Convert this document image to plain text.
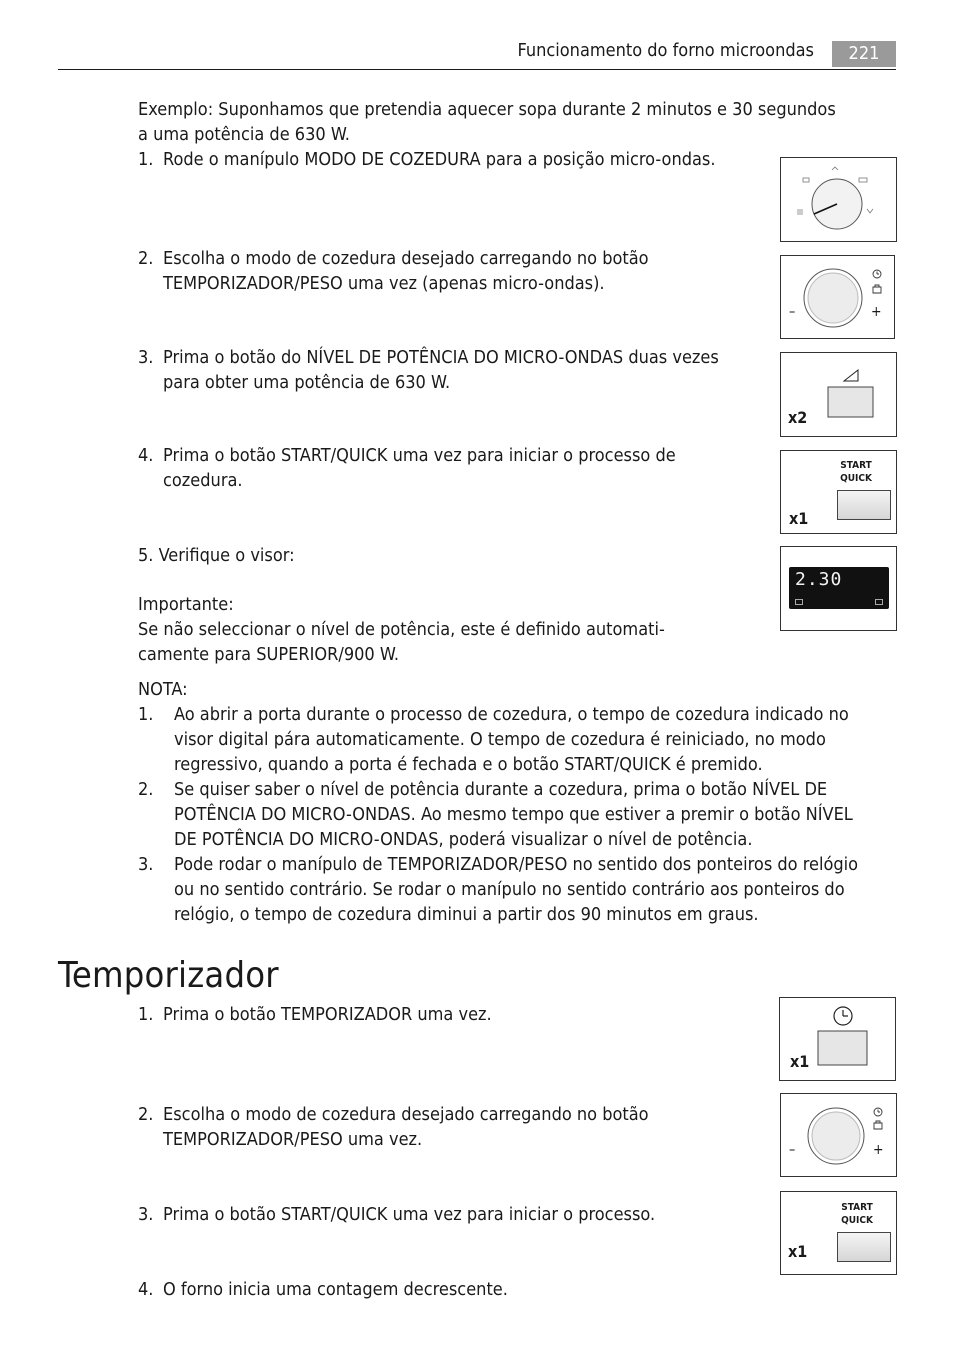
Funcionamento do forno microondas	221
Exemplo: Suponhamos que pretendia aquecer sopa durante 2 minutos e 30 segundos
a uma potência de 630 W.
1. Rode o manípulo MODO DE COZEDURA para a posição micro-ondas.
2. Escolha o modo de cozedura desejado carregando no botão TEMPORIZADOR/PESO uma vez (apenas micro-ondas).
3. Prima o botão do NÍVEL DE POTÊNCIA DO MICRO-ONDAS duas vezes para obter uma potência de 630 W.
4. Prima o botão START/QUICK uma vez para iniciar o processo de cozedura.
5. Verifique o visor:
Importante:
Se não seleccionar o nível de potência, este é definido automati-
camente para SUPERIOR/900 W.
NOTA:
1. Ao abrir a porta durante o processo de cozedura, o tempo de cozedura indicado no visor digital pára automaticamente. O tempo de cozedura é reiniciado, no modo regressivo, quando a porta é fechada e o botão START/QUICK é premido.
2. Se quiser saber o nível de potência durante a cozedura, prima o botão NÍVEL DE POTÊNCIA DO MICRO-ONDAS. Ao mesmo tempo que estiver a premir o botão NÍVEL DE POTÊNCIA DO MICRO-ONDAS, poderá visualizar o nível de potência.
3. Pode rodar o manípulo de TEMPORIZADOR/PESO no sentido dos ponteiros do relógio ou no sentido contrário. Se rodar o manípulo no sentido contrário aos ponteiros do relógio, o tempo de cozedura diminui a partir dos 90 minutos em graus.
Temporizador
1. Prima o botão TEMPORIZADOR uma vez.
2. Escolha o modo de cozedura desejado carregando no botão TEMPORIZADOR/PESO uma vez.
3. Prima o botão START/QUICK uma vez para iniciar o processo.
4. O forno inicia uma contagem decrescente.
–	+
x2
START
QUICK
x1
2.30
x1
–	+
START
QUICK
x1
